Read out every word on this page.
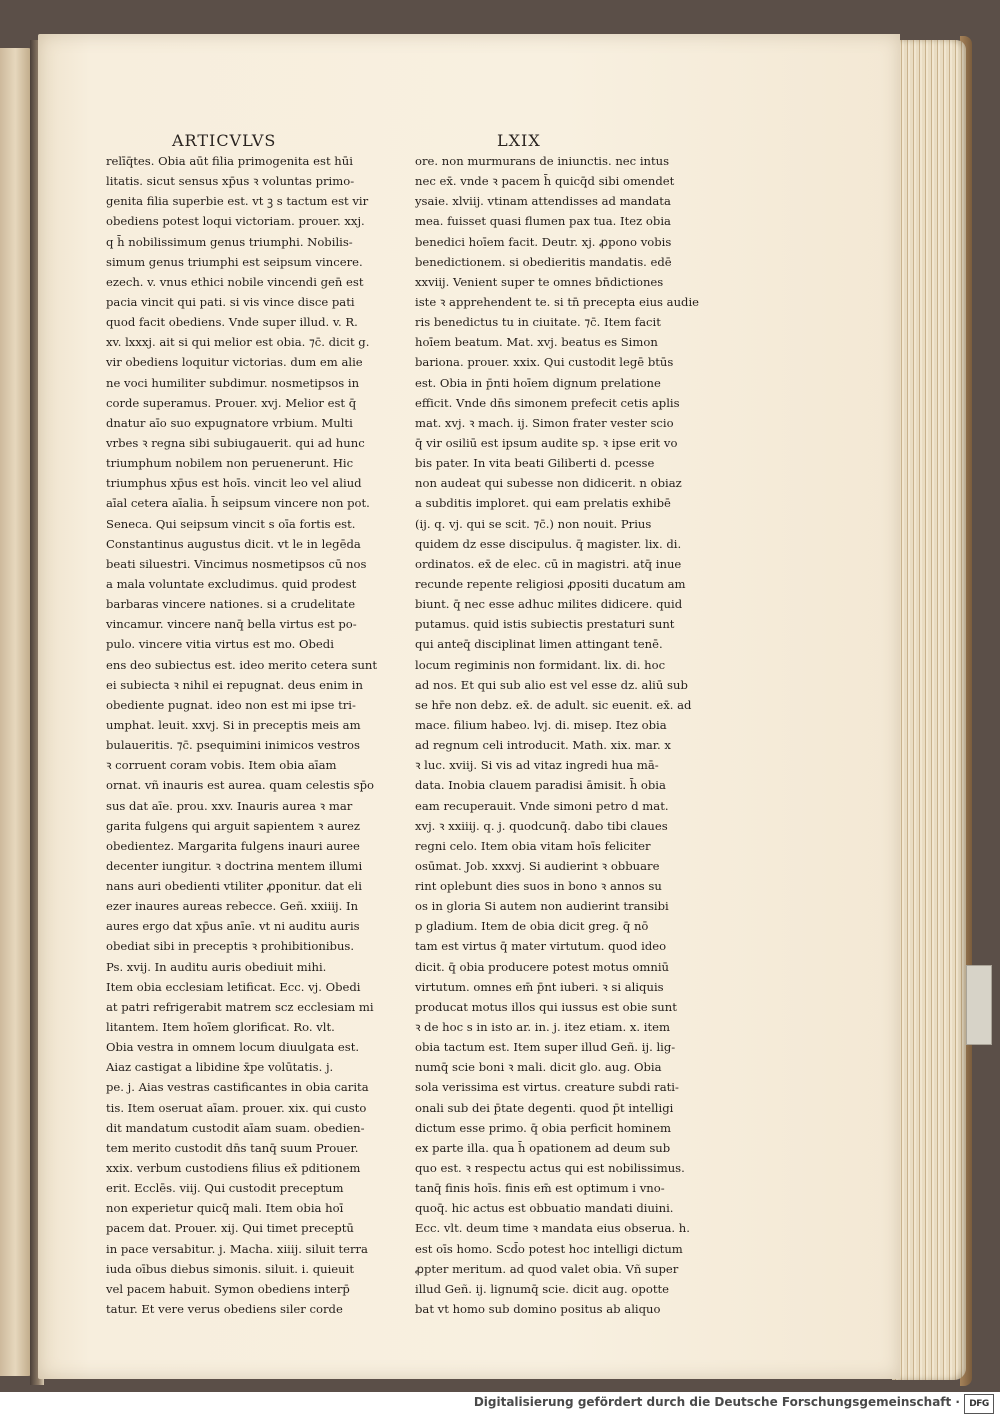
ARTICVLVS	LXIX
relīq̄tes. Obia aūt filia primogenita est hūi
litatis. sicut sensus xp̄us ꝛ voluntas primo-
genita filia superbie est. vt ꝫ s tactum est vir
obediens potest loqui victoriam. prouer. xxj.
q h̄ nobilissimum genus triumphi. Nobilis-
simum genus triumphi est seipsum vincere.
ezech. v. vnus ethici nobile vincendi gen̄ est
pacia vincit qui pati. si vis vince disce pati
quod facit obediens. Vnde super illud. v. R.
xv. lxxxj. ait si qui melior est obia. ⁊c̄. dicit g.
vir obediens loquitur victorias. dum em alie
ne voci humiliter subdimur. nosmetipsos in
corde superamus. Prouer. xvj. Melior est q̄
dnatur aīo suo expugnatore vrbium. Multi
vrbes ꝛ regna sibi subiugauerit. qui ad hunc
triumphum nobilem non peruenerunt. Hic
triumphus xp̄us est hoīs. vincit leo vel aliud
aīal cetera aīalia. h̄ seipsum vincere non pot.
Seneca. Qui seipsum vincit s oīa fortis est.
Constantinus augustus dicit. vt le in legēda
beati siluestri. Vincimus nosmetipsos cū nos
a mala voluntate excludimus. quid prodest
barbaras vincere nationes. si a crudelitate
vincamur. vincere nanq̄ bella virtus est po-
pulo. vincere vitia virtus est mo. Obedi
ens deo subiectus est. ideo merito cetera sunt
ei subiecta ꝛ nihil ei repugnat. deus enim in
obediente pugnat. ideo non est mi ipse tri-
umphat. leuit. xxvj. Si in preceptis meis am
bulaueritis. ⁊c̄. psequimini inimicos vestros
ꝛ corruent coram vobis. Item obia aīam
ornat. vñ inauris est aurea. quam celestis sp̄o
sus dat aīe. prou. xxv. Inauris aurea ꝛ mar
garita fulgens qui arguit sapientem ꝛ aurez
obedientez. Margarita fulgens inauri auree
decenter iungitur. ꝛ doctrina mentem illumi
nans auri obedienti vtiliter ꝓponitur. dat eli
ezer inaures aureas rebecce. Geñ. xxiiij. In
aures ergo dat xp̄us anīe. vt ni auditu auris
obediat sibi in preceptis ꝛ prohibitionibus.
Ps. xvij. In auditu auris obediuit mihi.
Item obia ecclesiam letificat. Ecc. vj. Obedi
at patri refrigerabit matrem scz ecclesiam mi
litantem. Item hoīem glorificat. Ro. vlt.
Obia vestra in omnem locum diuulgata est.
Aiaz castigat a libidine x̄pe volūtatis. j.
pe. j. Aias vestras castificantes in obia carita
tis. Item oseruat aīam. prouer. xix. qui custo
dit mandatum custodit aīam suam. obedien-
tem merito custodit dn̄s tanq̄ suum Prouer.
xxix. verbum custodiens filius ex̄ pditionem
erit. Ecclēs. viij. Qui custodit preceptum
non experietur quicq̄ mali. Item obia hoī
pacem dat. Prouer. xij. Qui timet preceptū
in pace versabitur. j. Macha. xiiij. siluit terra
iuda oībus diebus simonis. siluit. i. quieuit
vel pacem habuit. Symon obediens interp̄
tatur. Et vere verus obediens siler corde
ore. non murmurans de iniunctis. nec intus
nec ex̄. vnde ꝛ pacem h̄ quicq̄d sibi omendet
ysaie. xlviij. vtinam attendisses ad mandata
mea. fuisset quasi flumen pax tua. Itez obia
benedici hoīem facit. Deutr. xj. ꝓpono vobis
benedictionem. si obedieritis mandatis. edē
xxviij. Venient super te omnes bn̄dictiones
iste ꝛ apprehendent te. si tn̄ precepta eius audie
ris benedictus tu in ciuitate. ⁊c̄. Item facit
hoīem beatum. Mat. xvj. beatus es Simon
bariona. prouer. xxix. Qui custodit legē btūs
est. Obia in p̄nti hoīem dignum prelatione
efficit. Vnde dn̄s simonem prefecit cetis aplis
mat. xvj. ꝛ mach. ij. Simon frater vester scio
q̄ vir osiliū est ipsum audite sp. ꝛ ipse erit vo
bis pater. In vita beati Giliberti d. pcesse
non audeat qui subesse non didicerit. n obiaz
a subditis imploret. qui eam prelatis exhibē
(ij. q. vj. qui se scit. ⁊c̄.) non nouit. Prius
quidem dz esse discipulus. q̄ magister. lix. di.
ordinatos. ex̄ de elec. cū in magistri. atq̄ inue
recunde repente religiosi ꝓpositi ducatum am
biunt. q̄ nec esse adhuc milites didicere. quid
putamus. quid istis subiectis prestaturi sunt
qui anteq̄ disciplinat limen attingant tenē.
locum regiminis non formidant. lix. di. hoc
ad nos. Et qui sub alio est vel esse dz. aliū sub
se hr̄e non debz. ex̄. de adult. sic euenit. ex̄. ad
mace. filium habeo. lvj. di. misep. Itez obia
ad regnum celi introducit. Math. xix. mar. x
ꝛ luc. xviij. Si vis ad vitaz ingredi hua mā-
data. Inobia clauem paradisi āmisit. h̄ obia
eam recuperauit. Vnde simoni petro d mat.
xvj. ꝛ xxiiij. q. j. quodcunq̄. dabo tibi claues
regni celo. Item obia vitam hoīs feliciter
osūmat. Job. xxxvj. Si audierint ꝛ obbuare
rint oplebunt dies suos in bono ꝛ annos su
os in gloria Si autem non audierint transibi
p gladium. Item de obia dicit greg. q̄ nō
tam est virtus q̄ mater virtutum. quod ideo
dicit. q̄ obia producere potest motus omniū
virtutum. omnes em̄ p̄nt iuberi. ꝛ si aliquis
producat motus illos qui iussus est obie sunt
ꝛ de hoc s in isto ar. in. j. itez etiam. x. item
obia tactum est. Item super illud Geñ. ij. lig-
numq̄ scie boni ꝛ mali. dicit glo. aug. Obia
sola verissima est virtus. creature subdi rati-
onali sub dei p̄tate degenti. quod p̄t intelligi
dictum esse primo. q̄ obia perficit hominem
ex parte illa. qua h̄ opationem ad deum sub
quo est. ꝛ respectu actus qui est nobilissimus.
tanq̄ finis hoīs. finis em̄ est optimum i vno-
quoq̄. hic actus est obbuatio mandati diuini.
Ecc. vlt. deum time ꝛ mandata eius obserua. h.
est oīs homo. Scd̄o potest hoc intelligi dictum
ꝓpter meritum. ad quod valet obia. Vñ super
illud Geñ. ij. lignumq̄ scie. dicit aug. opotte
bat vt homo sub domino positus ab aliquo
Digitalisierung gefördert durch die Deutsche Forschungsgemeinschaft ·	DFG
